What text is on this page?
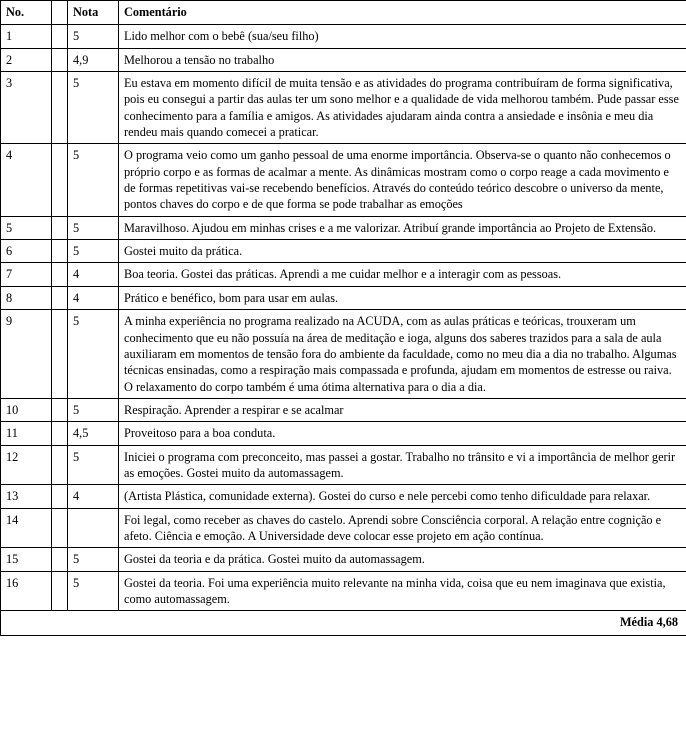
No.		Nota	Comentário
1		5	Lido melhor com o bebê (sua/seu filho)
2		4,9	Melhorou a tensão no trabalho
3		5	Eu estava em momento difícil de muita tensão e as atividades do programa contribuíram de forma significativa, pois eu consegui a partir das aulas ter um sono melhor e a qualidade de vida melhorou também. Pude passar esse conhecimento para a família e amigos. As atividades ajudaram ainda contra a ansiedade e insônia e meu dia rendeu mais quando comecei a praticar.
4		5	O programa veio como um ganho pessoal de uma enorme importância. Observa-se o quanto não conhecemos o próprio corpo e as formas de acalmar a mente. As dinâmicas mostram como o corpo reage a cada movimento e de formas repetitivas vai-se recebendo benefícios. Através do conteúdo teórico descobre o universo da mente, pontos chaves do corpo e de que forma se pode trabalhar as emoções
5		5	Maravilhoso. Ajudou em minhas crises e a me valorizar. Atribuí grande importância ao Projeto de Extensão.
6		5	Gostei muito da prática.
7		4	Boa teoria. Gostei das práticas. Aprendi a me cuidar melhor e a interagir com as pessoas.
8		4	Prático e benéfico, bom para usar em aulas.
9		5	A minha experiência no programa realizado na ACUDA, com as aulas práticas e teóricas, trouxeram um conhecimento que eu não possuía na área de meditação e ioga, alguns dos saberes trazidos para a sala de aula auxiliaram em momentos de tensão fora do ambiente da faculdade, como no meu dia a dia no trabalho. Algumas técnicas ensinadas, como a respiração mais compassada e profunda, ajudam em momentos de estresse ou raiva. O relaxamento do corpo também é uma ótima alternativa para o dia a dia.
10		5	Respiração. Aprender a respirar e se acalmar
11		4,5	Proveitoso para a boa conduta.
12		5	Iniciei o programa com preconceito, mas passei a gostar. Trabalho no trânsito e vi a importância de melhor gerir as emoções. Gostei muito da automassagem.
13		4	(Artista Plástica, comunidade externa). Gostei do curso e nele percebi como tenho dificuldade para relaxar.
14			Foi legal, como receber as chaves do castelo. Aprendi sobre Consciência corporal. A relação entre cognição e afeto. Ciência e emoção. A Universidade deve colocar esse projeto em ação contínua.
15		5	Gostei da teoria e da prática. Gostei muito da automassagem.
16		5	Gostei da teoria. Foi uma experiência muito relevante na minha vida, coisa que eu nem imaginava que existia, como automassagem.
Média 4,68			
